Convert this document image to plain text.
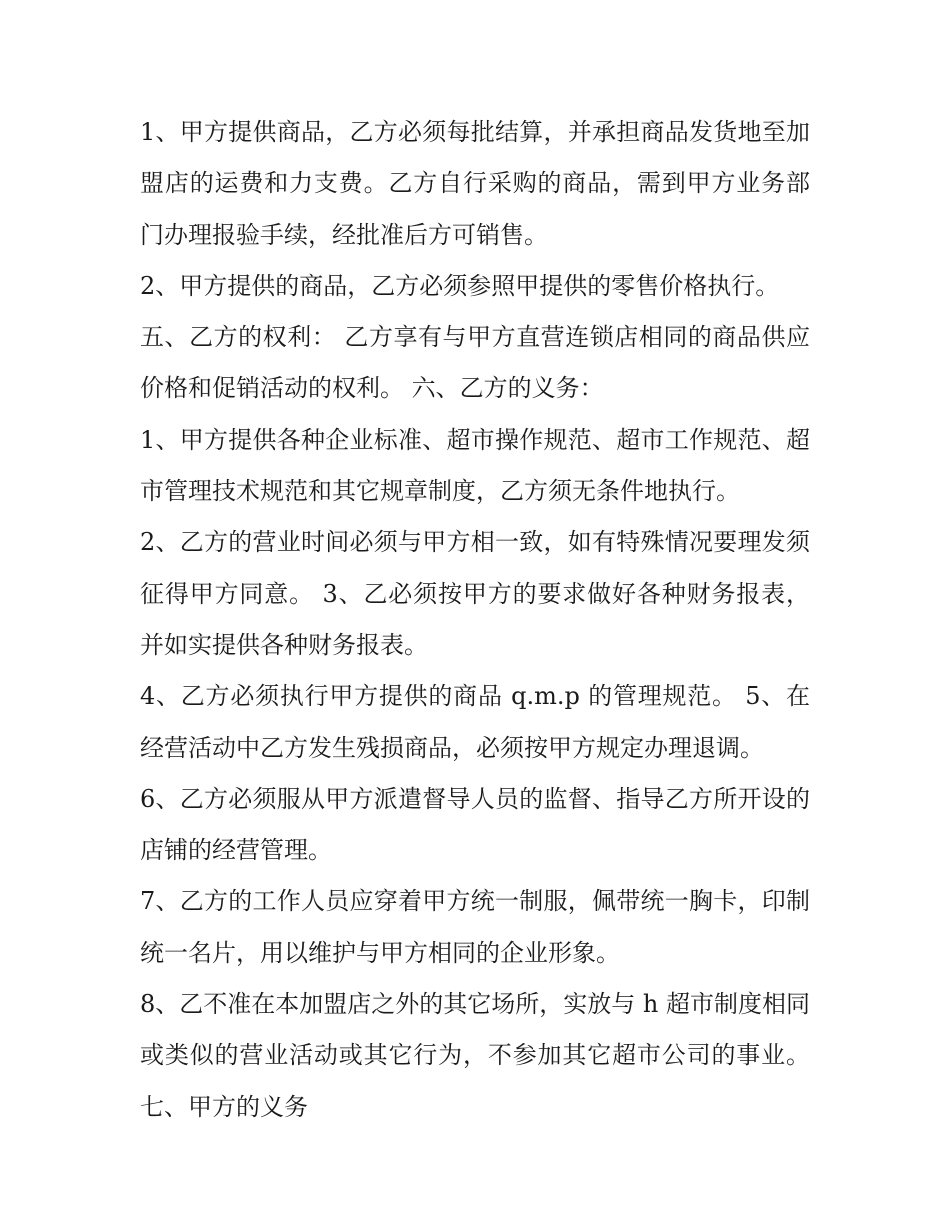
1、甲方提供商品，乙方必须每批结算，并承担商品发货地至加盟店的运费和力支费。乙方自行采购的商品，需到甲方业务部门办理报验手续，经批准后方可销售。

2、甲方提供的商品，乙方必须参照甲提供的零售价格执行。

五、乙方的权利： 乙方享有与甲方直营连锁店相同的商品供应价格和促销活动的权利。 六、乙方的义务：

1、甲方提供各种企业标准、超市操作规范、超市工作规范、超市管理技术规范和其它规章制度，乙方须无条件地执行。

2、乙方的营业时间必须与甲方相一致，如有特殊情况要理发须征得甲方同意。 3、乙必须按甲方的要求做好各种财务报表，并如实提供各种财务报表。

4、乙方必须执行甲方提供的商品 q.m.p 的管理规范。 5、在经营活动中乙方发生残损商品，必须按甲方规定办理退调。

6、乙方必须服从甲方派遣督导人员的监督、指导乙方所开设的店铺的经营管理。

7、乙方的工作人员应穿着甲方统一制服，佩带统一胸卡，印制统一名片，用以维护与甲方相同的企业形象。

8、乙不准在本加盟店之外的其它场所，实放与 h 超市制度相同或类似的营业活动或其它行为，不参加其它超市公司的事业。 七、甲方的义务
